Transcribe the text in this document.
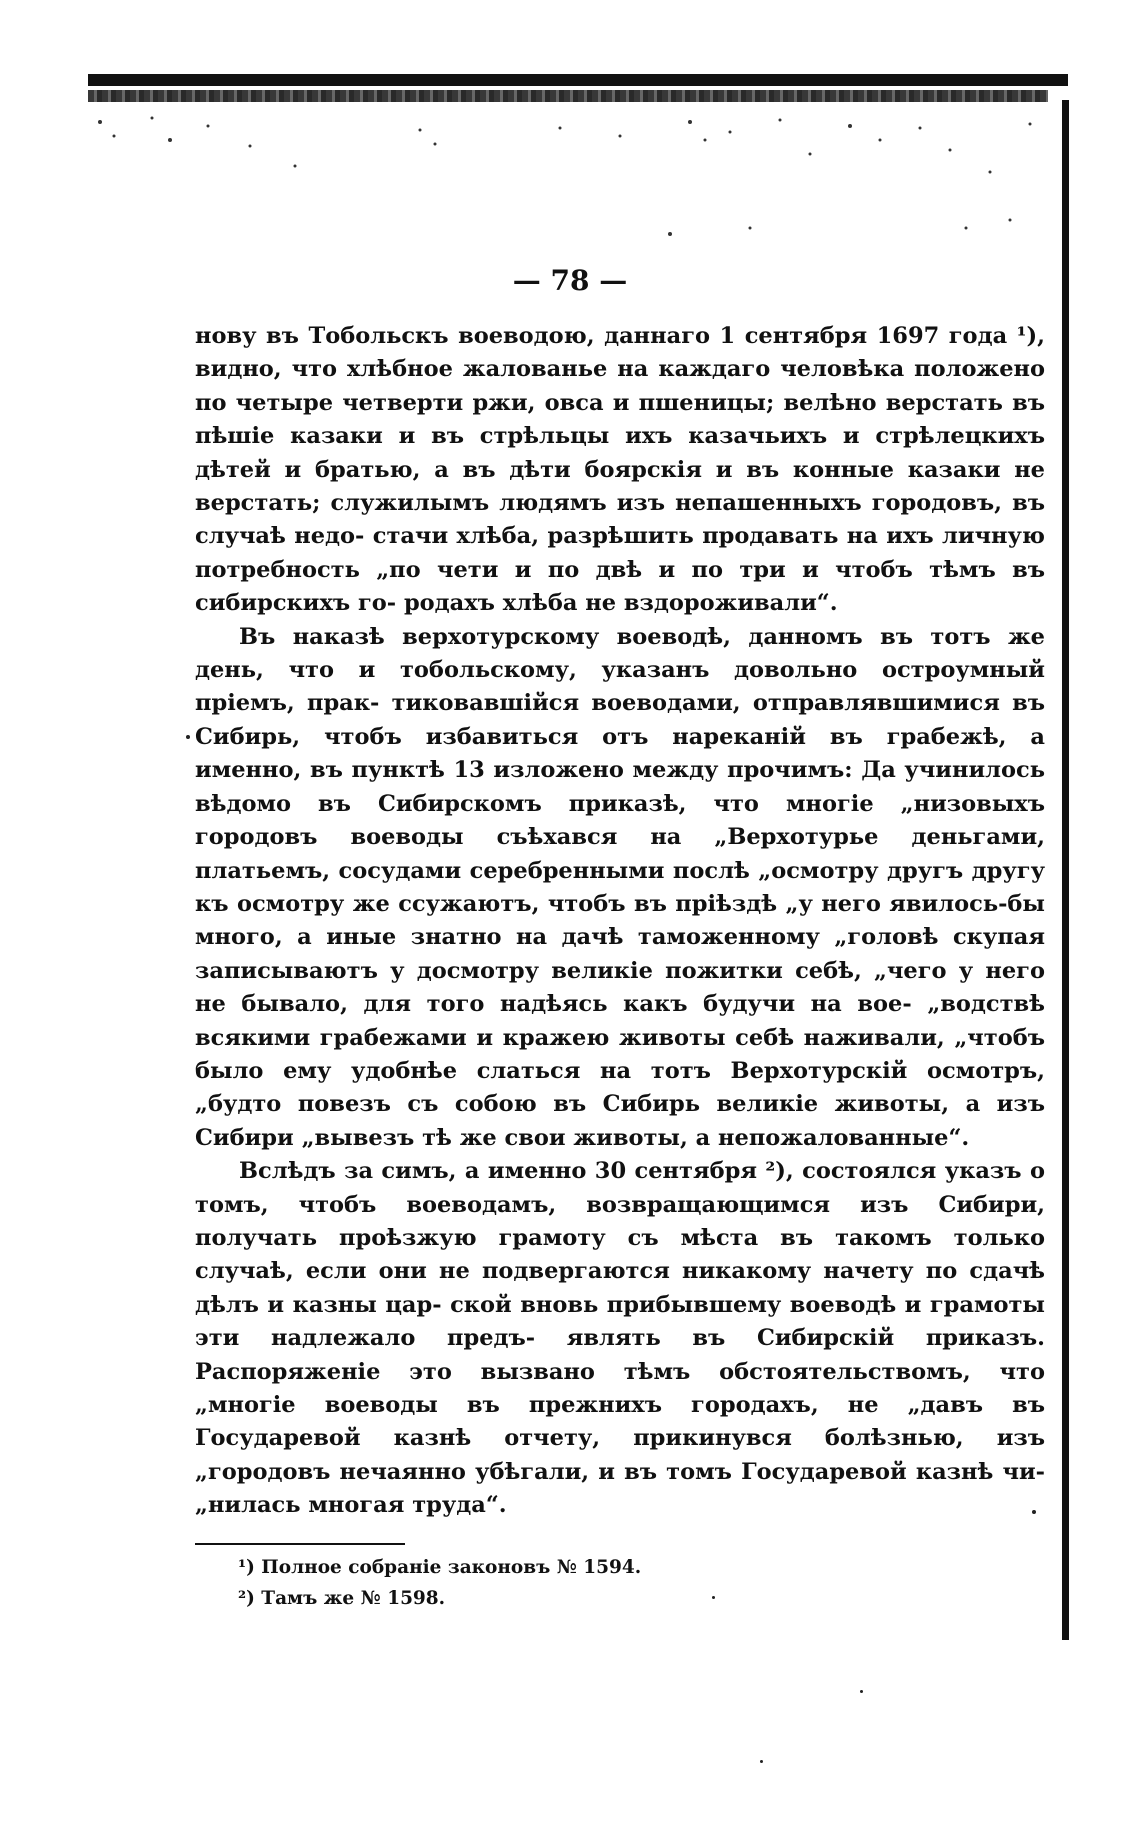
— 78 —

нову въ Тобольскъ воеводою, даннаго 1 сентября 1697 года ¹), видно, что хлѣбное жалованье на каждаго человѣка положено по четыре четверти ржи, овса и пшеницы; велѣно верстать въ пѣшіе казаки и въ стрѣльцы ихъ казачьихъ и стрѣлецкихъ дѣтей и братью, а въ дѣти боярскія и въ конные казаки не верстать; служилымъ людямъ изъ непашенныхъ городовъ, въ случаѣ недо- стачи хлѣба, разрѣшить продавать на ихъ личную потребность „по чети и по двѣ и по три и чтобъ тѣмъ въ сибирскихъ го- родахъ хлѣба не вздороживали“.

Въ наказѣ верхотурскому воеводѣ, данномъ въ тотъ же день, что и тобольскому, указанъ довольно остроумный пріемъ, прак- тиковавшійся воеводами, отправлявшимися въ Сибирь, чтобъ избавиться отъ нареканій въ грабежѣ, а именно, въ пунктѣ 13 изложено между прочимъ: Да учинилось вѣдомо въ Сибирскомъ приказѣ, что многіе „низовыхъ городовъ воеводы съѣхався на „Верхотурье деньгами, платьемъ, сосудами серебренными послѣ „осмотру другъ другу къ осмотру же ссужаютъ, чтобъ въ пріѣздѣ „у него явилось-бы много, а иные знатно на дачѣ таможенному „головѣ скупая записываютъ у досмотру великіе пожитки себѣ, „чего у него не бывало, для того надѣясь какъ будучи на вое- „водствѣ всякими грабежами и кражею животы себѣ наживали, „чтобъ было ему удобнѣе слаться на тотъ Верхотурскій осмотръ, „будто повезъ съ собою въ Сибирь великіе животы, а изъ Сибири „вывезъ тѣ же свои животы, а непожалованные“.

Вслѣдъ за симъ, а именно 30 сентября ²), состоялся указъ о томъ, чтобъ воеводамъ, возвращающимся изъ Сибири, получать проѣзжую грамоту съ мѣста въ такомъ только случаѣ, если они не подвергаются никакому начету по сдачѣ дѣлъ и казны цар- ской вновь прибывшему воеводѣ и грамоты эти надлежало предъ- являть въ Сибирскій приказъ. Распоряженіе это вызвано тѣмъ обстоятельствомъ, что „многіе воеводы въ прежнихъ городахъ, не „давъ въ Государевой казнѣ отчету, прикинувся болѣзнью, изъ „городовъ нечаянно убѣгали, и въ томъ Государевой казнѣ чи- „нилась многая труда“.

¹) Полное собраніе законовъ № 1594.
²) Тамъ же № 1598.
